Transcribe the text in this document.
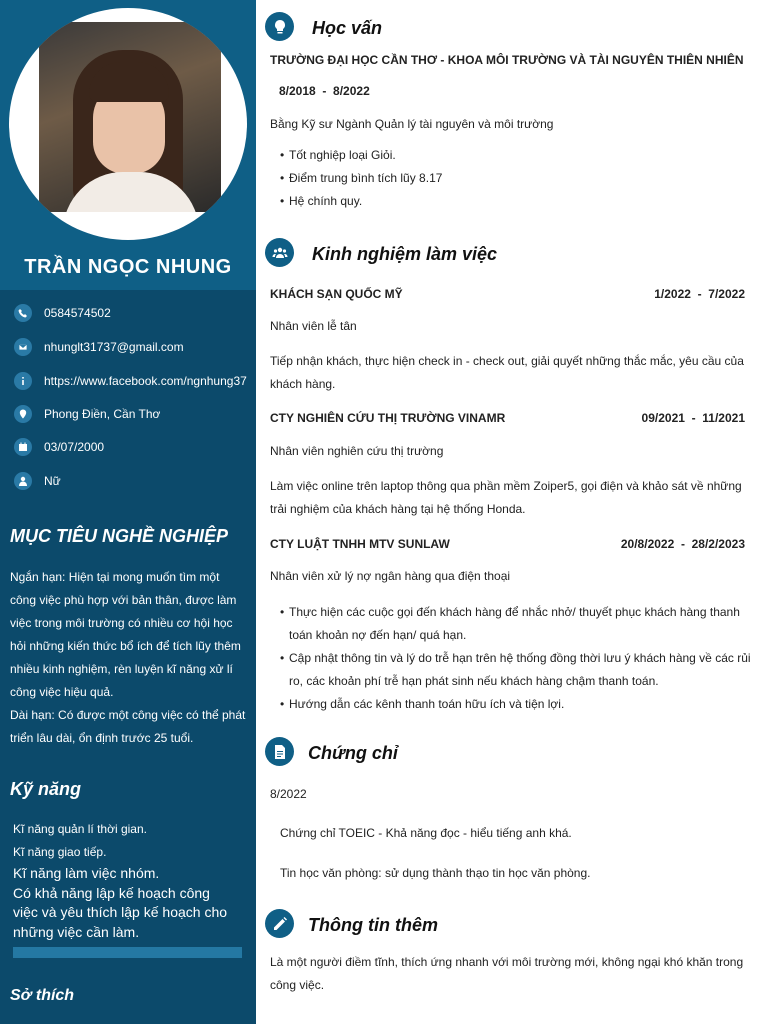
TRẦN NGỌC NHUNG
0584574502
nhunglt31737@gmail.com
https://www.facebook.com/ngnhung37
Phong Điền, Cần Thơ
03/07/2000
Nữ
MỤC TIÊU NGHỀ NGHIỆP
Ngắn hạn: Hiện tại mong muốn tìm một
công việc phù hợp với bản thân, được làm
việc trong môi trường có nhiều cơ hội học
hỏi những kiến thức bổ ích để tích lũy thêm
nhiều kinh nghiệm, rèn luyện kĩ năng xử lí
công việc hiệu quả.
Dài hạn: Có được một công việc có thể phát
triển lâu dài, ổn định trước 25 tuổi.
Kỹ năng
Kĩ năng quản lí thời gian.
Kĩ năng giao tiếp.
Kĩ năng làm việc nhóm.
Có khả năng lập kế hoạch công
việc và yêu thích lập kế hoạch cho
những việc cần làm.
Sở thích
Học vấn
TRƯỜNG ĐẠI HỌC CẦN THƠ - KHOA MÔI TRƯỜNG VÀ TÀI NGUYÊN THIÊN NHIÊN
8/2018 - 8/2022
Bằng Kỹ sư Ngành Quản lý tài nguyên và môi trường
• Tốt nghiệp loại Giỏi.
• Điểm trung bình tích lũy 8.17
• Hệ chính quy.
Kinh nghiệm làm việc
KHÁCH SẠN QUỐC MỸ	1/2022 - 7/2022
Nhân viên lễ tân
Tiếp nhận khách, thực hiện check in - check out, giải quyết những thắc mắc, yêu cầu của
khách hàng.
CTY NGHIÊN CỨU THỊ TRƯỜNG VINAMR	09/2021 - 11/2021
Nhân viên nghiên cứu thị trường
Làm việc online trên laptop thông qua phần mềm Zoiper5, gọi điện và khảo sát về những
trải nghiệm của khách hàng tại hệ thống Honda.
CTY LUẬT TNHH MTV SUNLAW	20/8/2022 - 28/2/2023
Nhân viên xử lý nợ ngân hàng qua điện thoại
• Thực hiện các cuộc gọi đến khách hàng để nhắc nhở/ thuyết phục khách hàng thanh
toán khoản nợ đến hạn/ quá hạn.
• Cập nhật thông tin và lý do trễ hạn trên hệ thống đồng thời lưu ý khách hàng về các rủi
ro, các khoản phí trễ hạn phát sinh nếu khách hàng chậm thanh toán.
• Hướng dẫn các kênh thanh toán hữu ích và tiện lợi.
Chứng chỉ
8/2022
Chứng chỉ TOEIC - Khả năng đọc - hiểu tiếng anh khá.
Tin học văn phòng: sử dụng thành thạo tin học văn phòng.
Thông tin thêm
Là một người điềm tĩnh, thích ứng nhanh với môi trường mới, không ngại khó khăn trong
công việc.
